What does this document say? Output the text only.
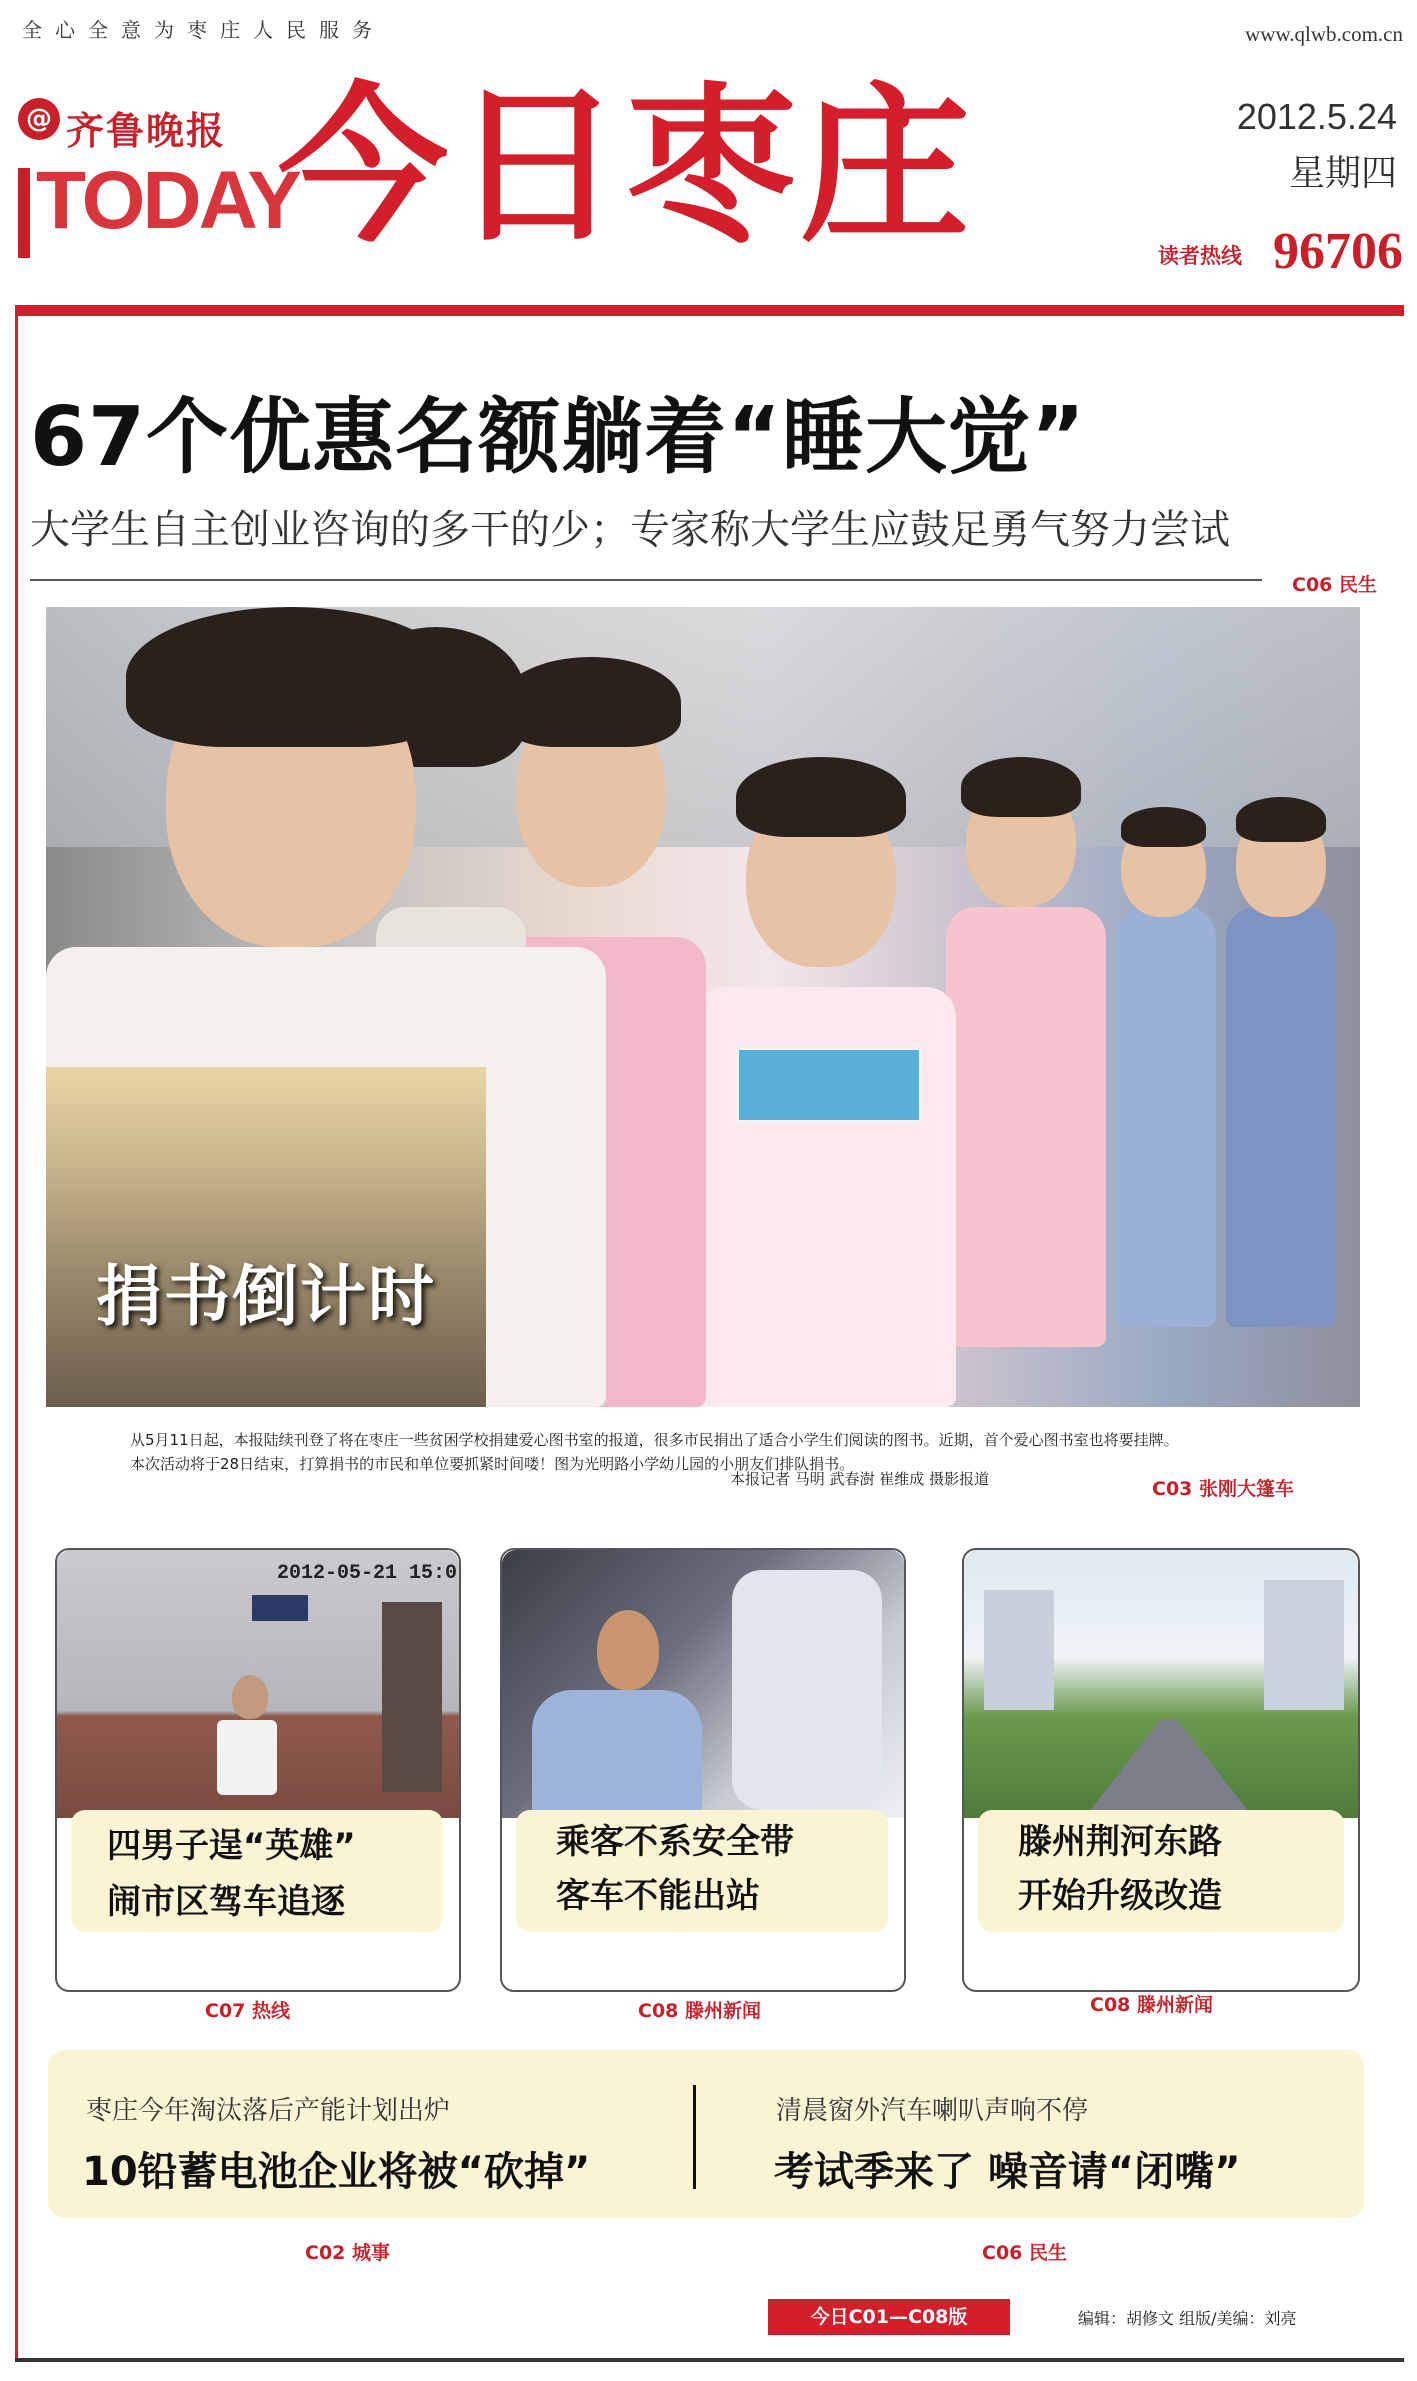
全心全意为枣庄人民服务	www.qlwb.com.cn
@ 齐鲁晚报
TODAY
今日枣庄	2012.5.24
星期四
读者热线 96706
67个优惠名额躺着“睡大觉”
大学生自主创业咨询的多干的少；专家称大学生应鼓足勇气努力尝试
C06 民生
捐书倒计时
从5月11日起，本报陆续刊登了将在枣庄一些贫困学校捐建爱心图书室的报道，很多市民捐出了适合小学生们阅读的图书。近期，首个爱心图书室也将要挂牌。本次活动将于28日结束，打算捐书的市民和单位要抓紧时间喽！图为光明路小学幼儿园的小朋友们排队捐书。
本报记者 马明 武春澍 崔维成 摄影报道	C03 张刚大篷车
2012-05-21 15:0
四男子逞“英雄”
闹市区驾车追逐
C07 热线
乘客不系安全带
客车不能出站
C08 滕州新闻
滕州荆河东路
开始升级改造
C08 滕州新闻
枣庄今年淘汰落后产能计划出炉
10铅蓄电池企业将被“砍掉”
清晨窗外汽车喇叭声响不停
考试季来了 噪音请“闭嘴”
C02 城事	C06 民生
今日C01—C08版	编辑：胡修文 组版/美编：刘亮
